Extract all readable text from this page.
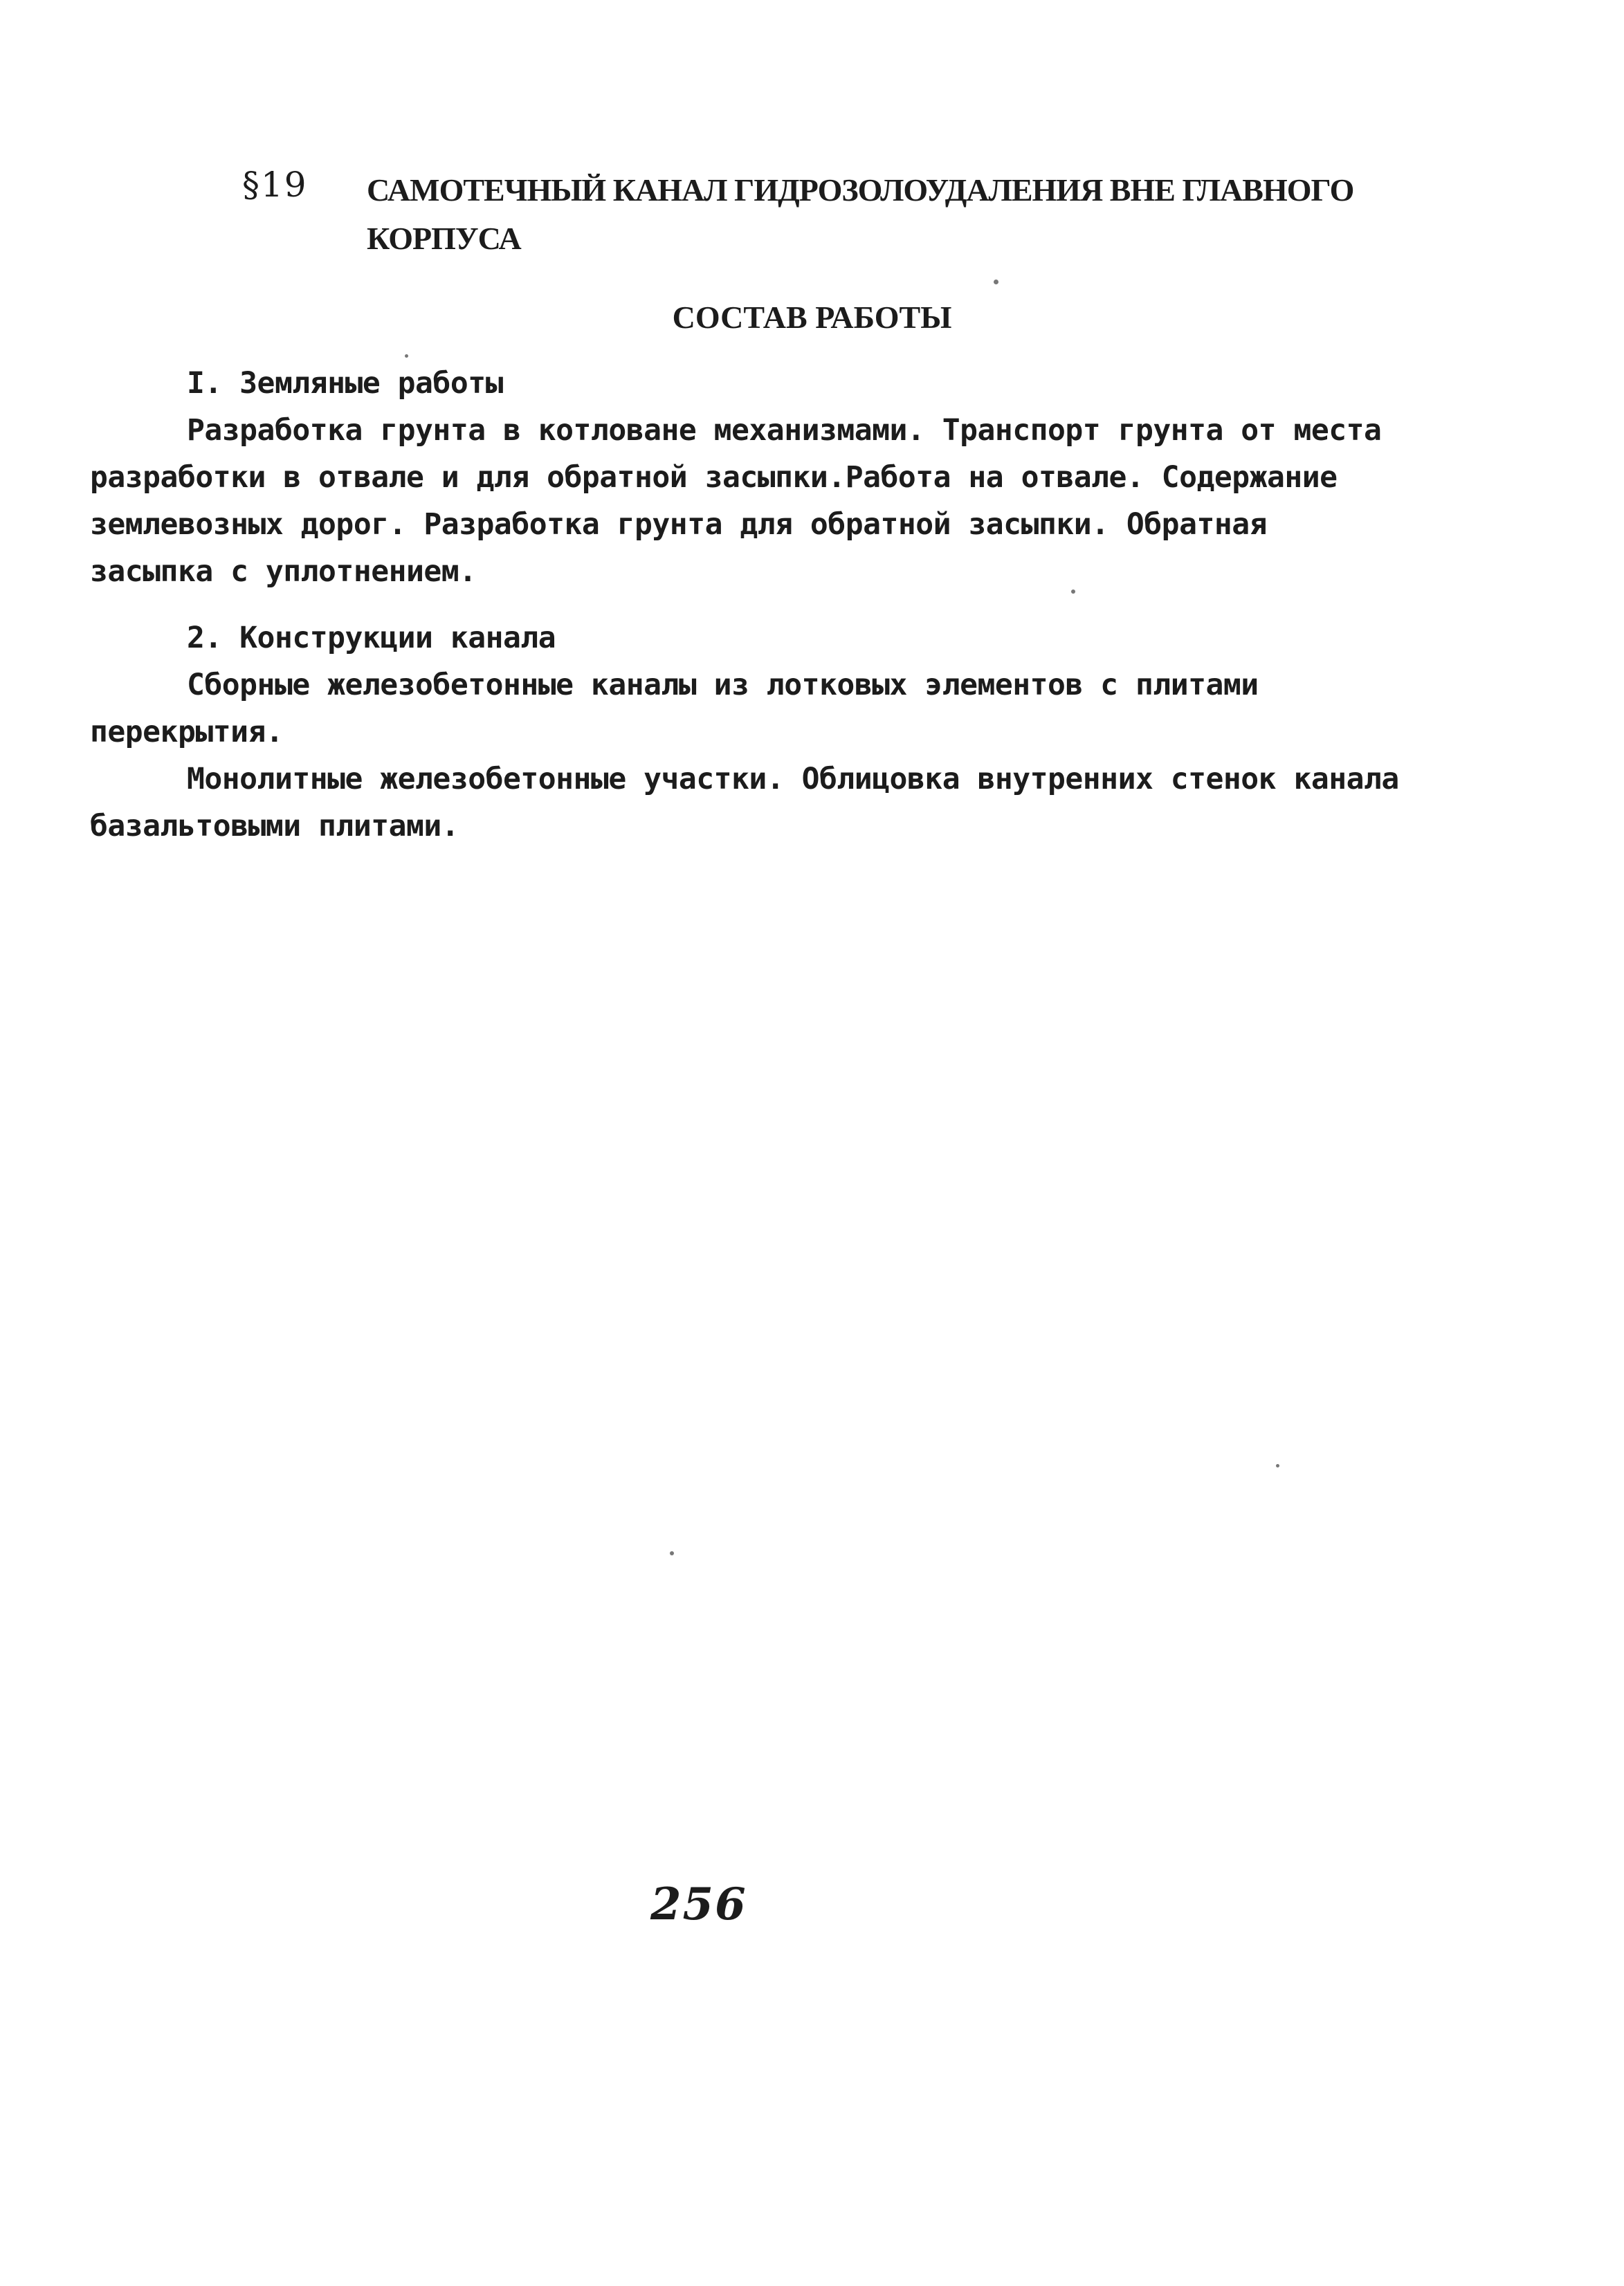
§19 САМОТЕЧНЫЙ КАНАЛ ГИДРОЗОЛОУДАЛЕНИЯ ВНЕ ГЛАВНОГО
КОРПУСА
СОСТАВ РАБОТЫ

I. Земляные работы

Разработка грунта в котловане механизмами. Транспорт грунта от места разработки в отвале и для обратной засыпки.Работа на отвале. Содержание землевозных дорог. Разработка грунта для обратной засыпки. Обратная засыпка с уплотнением.

2. Конструкции канала

Сборные железобетонные каналы из лотковых элементов с плитами перекрытия.

Монолитные железобетонные участки. Облицовка внутренних стенок канала базальтовыми плитами.

256
